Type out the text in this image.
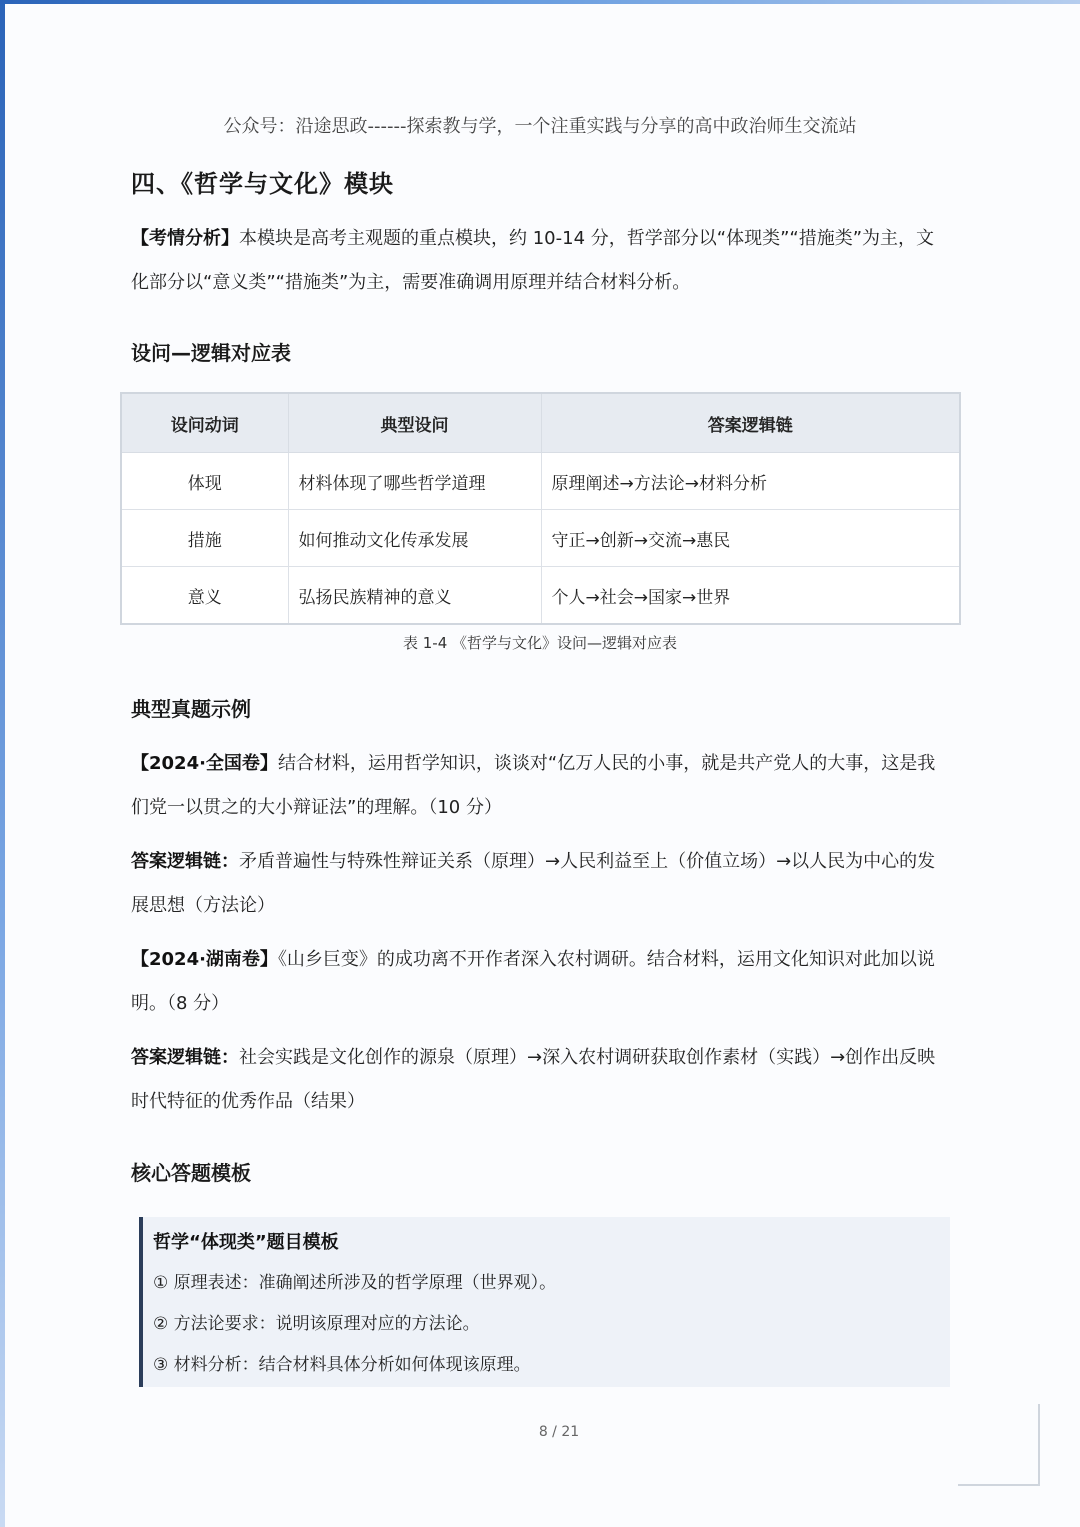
公众号：沿途思政------探索教与学，一个注重实践与分享的高中政治师生交流站
四、《哲学与文化》模块
【考情分析】本模块是高考主观题的重点模块，约 10-14 分，哲学部分以“体现类”“措施类”为主，文化部分以“意义类”“措施类”为主，需要准确调用原理并结合材料分析。
设问—逻辑对应表
设问动词	典型设问	答案逻辑链
体现	材料体现了哪些哲学道理	原理阐述→方法论→材料分析
措施	如何推动文化传承发展	守正→创新→交流→惠民
意义	弘扬民族精神的意义	个人→社会→国家→世界
表 1-4 《哲学与文化》设问—逻辑对应表
典型真题示例
【2024·全国卷】结合材料，运用哲学知识，谈谈对“亿万人民的小事，就是共产党人的大事，这是我们党一以贯之的大小辩证法”的理解。（10 分）
答案逻辑链：矛盾普遍性与特殊性辩证关系（原理）→人民利益至上（价值立场）→以人民为中心的发展思想（方法论）
【2024·湖南卷】《山乡巨变》的成功离不开作者深入农村调研。结合材料，运用文化知识对此加以说明。（8 分）
答案逻辑链：社会实践是文化创作的源泉（原理）→深入农村调研获取创作素材（实践）→创作出反映时代特征的优秀作品（结果）
核心答题模板
哲学“体现类”题目模板
① 原理表述：准确阐述所涉及的哲学原理（世界观）。
② 方法论要求：说明该原理对应的方法论。
③ 材料分析：结合材料具体分析如何体现该原理。
8 / 21
